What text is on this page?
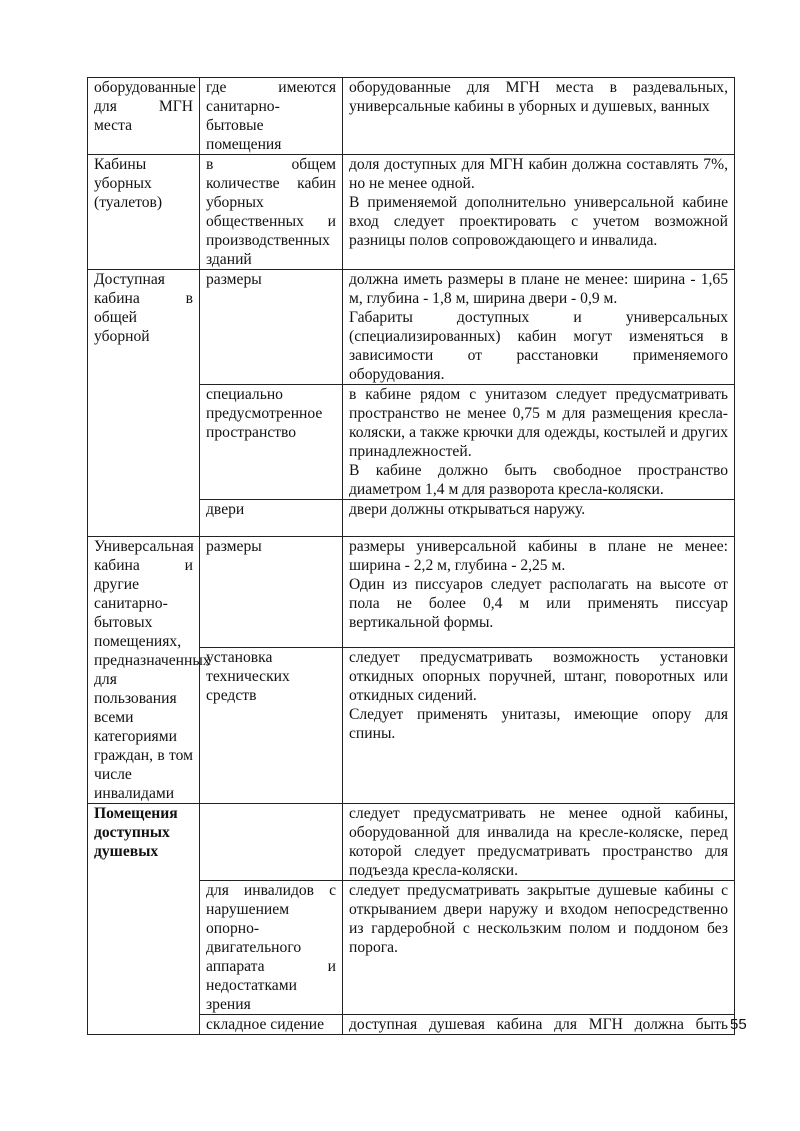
оборудованные для МГН места	где имеются санитарно-бытовые помещения	оборудованные для МГН места в раздевальных, универсальные кабины в уборных и душевых, ванных

Кабины уборных (туалетов)	в общем количестве кабин уборных общественных и производственных зданий	доля доступных для МГН кабин должна составлять 7%, но не менее одной.
В применяемой дополнительно универсальной кабине вход следует проектировать с учетом возможной разницы полов сопровождающего и инвалида.

Доступная кабина в общей уборной	размеры	должна иметь размеры в плане не менее: ширина - 1,65 м, глубина - 1,8 м, ширина двери - 0,9 м.
Габариты доступных и универсальных (специализированных) кабин могут изменяться в зависимости от расстановки применяемого оборудования.

	специально предусмотренное пространство	в кабине рядом с унитазом следует предусматривать пространство не менее 0,75 м для размещения кресла-коляски, а также крючки для одежды, костылей и других принадлежностей.
В кабине должно быть свободное пространство диаметром 1,4 м для разворота кресла-коляски.

	двери	двери должны открываться наружу.

Универсальная кабина и другие санитарно-бытовых помещениях, предназначенных для пользования всеми категориями граждан, в том числе инвалидами	размеры	размеры универсальной кабины в плане не менее: ширина - 2,2 м, глубина - 2,25 м.
Один из писсуаров следует располагать на высоте от пола не более 0,4 м или применять писсуар вертикальной формы.

	установка технических средств	следует предусматривать возможность установки откидных опорных поручней, штанг, поворотных или откидных сидений.
Следует применять унитазы, имеющие опору для спины.

Помещения доступных душевых		следует предусматривать не менее одной кабины, оборудованной для инвалида на кресле-коляске, перед которой следует предусматривать пространство для подъезда кресла-коляски.

	для инвалидов с нарушением опорно-двигательного аппарата и недостатками зрения	следует предусматривать закрытые душевые кабины с открыванием двери наружу и входом непосредственно из гардеробной с нескользким полом и поддоном без порога.

	складное сидение	доступная душевая кабина для МГН должна быть 55
